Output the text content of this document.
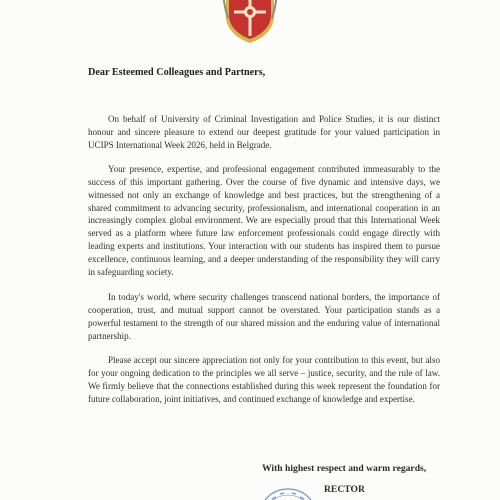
Dear Esteemed Colleagues and Partners,

On behalf of University of Criminal Investigation and Police Studies, it is our distinct honour and sincere pleasure to extend our deepest gratitude for your valued participation in UCIPS International Week 2026, held in Belgrade.

Your presence, expertise, and professional engagement contributed immeasurably to the success of this important gathering. Over the course of five dynamic and intensive days, we witnessed not only an exchange of knowledge and best practices, but the strengthening of a shared commitment to advancing security, professionalism, and international cooperation in an increasingly complex global environment. We are especially proud that this International Week served as a platform where future law enforcement professionals could engage directly with leading experts and institutions. Your interaction with our students has inspired them to pursue excellence, continuous learning, and a deeper understanding of the responsibility they will carry in safeguarding society.

In today's world, where security challenges transcend national borders, the importance of cooperation, trust, and mutual support cannot be overstated. Your participation stands as a powerful testament to the strength of our shared mission and the enduring value of international partnership.

Please accept our sincere appreciation not only for your contribution to this event, but also for your ongoing dedication to the principles we all serve – justice, security, and the rule of law. We firmly believe that the connections established during this week represent the foundation for future collaboration, joint initiatives, and continued exchange of knowledge and expertise.

With highest respect and warm regards,
RECTOR
